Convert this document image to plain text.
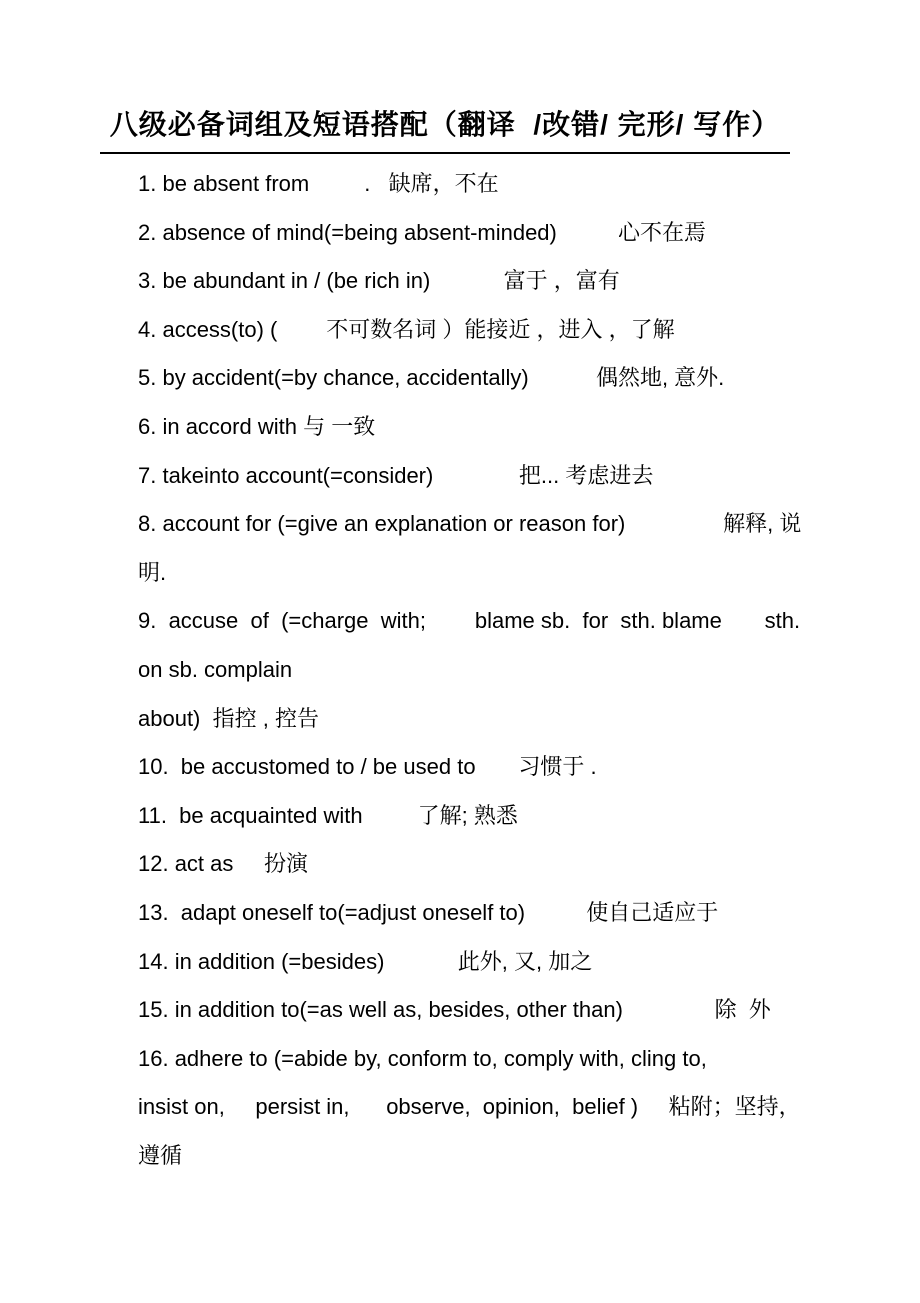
八级必备词组及短语搭配（翻译  /改错/ 完形/ 写作）
1. be absent from         .   缺席，不在
2. absence of mind(=being absent-minded)          心不在焉
3. be abundant in / (be rich in)            富于 ，富有
4. access(to) (        不可数名词 ）能接近 ，进入 ，了解
5. by accident(=by chance, accidentally)           偶然地, 意外.
6. in accord with 与 一致
7. takeinto account(=consider)              把... 考虑进去
8. account for (=give an explanation or reason for)                解释, 说
明.
9.  accuse  of  (=charge  with;        blame sb.  for  sth. blame       sth.
on sb. complain
about)  指控 , 控告
10.  be accustomed to / be used to       习惯于 .
11.  be acquainted with         了解; 熟悉
12. act as     扮演
13.  adapt oneself to(=adjust oneself to)          使自己适应于
14. in addition (=besides)            此外, 又, 加之
15. in addition to(=as well as, besides, other than)               除  外
16. adhere to (=abide by, conform to, comply with, cling to,
insist on,     persist in,      observe,  opinion,  belief )     粘附；坚持，
遵循
